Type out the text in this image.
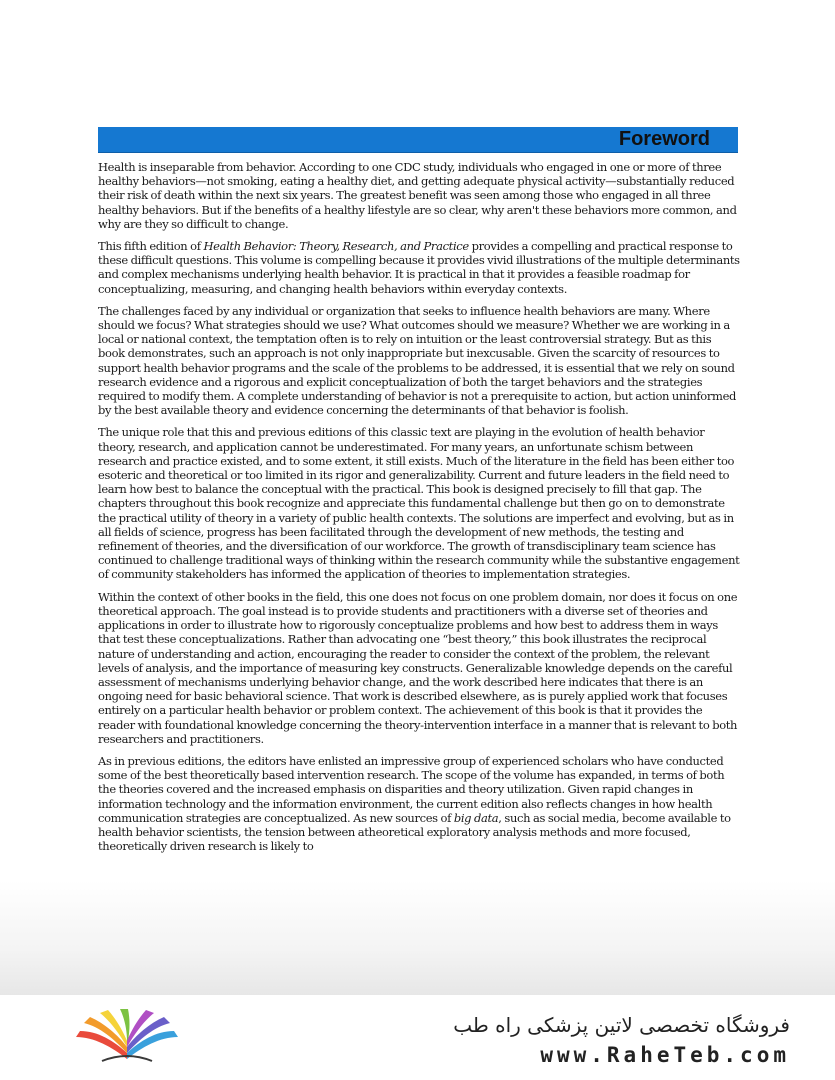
Foreword

Health is inseparable from behavior. According to one CDC study, individuals who engaged in one or more of three healthy behaviors—not smoking, eating a healthy diet, and getting adequate physical activity—substantially reduced their risk of death within the next six years. The greatest benefit was seen among those who engaged in all three healthy behaviors. But if the benefits of a healthy lifestyle are so clear, why aren't these behaviors more common, and why are they so difficult to change.

This fifth edition of Health Behavior: Theory, Research, and Practice provides a compelling and practical response to these difficult questions. This volume is compelling because it provides vivid illustrations of the multiple determinants and complex mechanisms underlying health behavior. It is practical in that it provides a feasible roadmap for conceptualizing, measuring, and changing health behaviors within everyday contexts.

The challenges faced by any individual or organization that seeks to influence health behaviors are many. Where should we focus? What strategies should we use? What outcomes should we measure? Whether we are working in a local or national context, the temptation often is to rely on intuition or the least controversial strategy. But as this book demonstrates, such an approach is not only inappropriate but inexcusable. Given the scarcity of resources to support health behavior programs and the scale of the problems to be addressed, it is essential that we rely on sound research evidence and a rigorous and explicit conceptualization of both the target behaviors and the strategies required to modify them. A complete understanding of behavior is not a prerequisite to action, but action uninformed by the best available theory and evidence concerning the determinants of that behavior is foolish.

The unique role that this and previous editions of this classic text are playing in the evolution of health behavior theory, research, and application cannot be underestimated. For many years, an unfortunate schism between research and practice existed, and to some extent, it still exists. Much of the literature in the field has been either too esoteric and theoretical or too limited in its rigor and generalizability. Current and future leaders in the field need to learn how best to balance the conceptual with the practical. This book is designed precisely to fill that gap. The chapters throughout this book recognize and appreciate this fundamental challenge but then go on to demonstrate the practical utility of theory in a variety of public health contexts. The solutions are imperfect and evolving, but as in all fields of science, progress has been facilitated through the development of new methods, the testing and refinement of theories, and the diversification of our workforce. The growth of transdisciplinary team science has continued to challenge traditional ways of thinking within the research community while the substantive engagement of community stakeholders has informed the application of theories to implementation strategies.

Within the context of other books in the field, this one does not focus on one problem domain, nor does it focus on one theoretical approach. The goal instead is to provide students and practitioners with a diverse set of theories and applications in order to illustrate how to rigorously conceptualize problems and how best to address them in ways that test these conceptualizations. Rather than advocating one “best theory,” this book illustrates the reciprocal nature of understanding and action, encouraging the reader to consider the context of the problem, the relevant levels of analysis, and the importance of measuring key constructs. Generalizable knowledge depends on the careful assessment of mechanisms underlying behavior change, and the work described here indicates that there is an ongoing need for basic behavioral science. That work is described elsewhere, as is purely applied work that focuses entirely on a particular health behavior or problem context. The achievement of this book is that it provides the reader with foundational knowledge concerning the theory-intervention interface in a manner that is relevant to both researchers and practitioners.

As in previous editions, the editors have enlisted an impressive group of experienced scholars who have conducted some of the best theoretically based intervention research. The scope of the volume has expanded, in terms of both the theories covered and the increased emphasis on disparities and theory utilization. Given rapid changes in information technology and the information environment, the current edition also reflects changes in how health communication strategies are conceptualized. As new sources of big data, such as social media, become available to health behavior scientists, the tension between atheoretical exploratory analysis methods and more focused, theoretically driven research is likely to

فروشگاه تخصصی لاتین پزشکی راه طب
www.RaheTeb.com
